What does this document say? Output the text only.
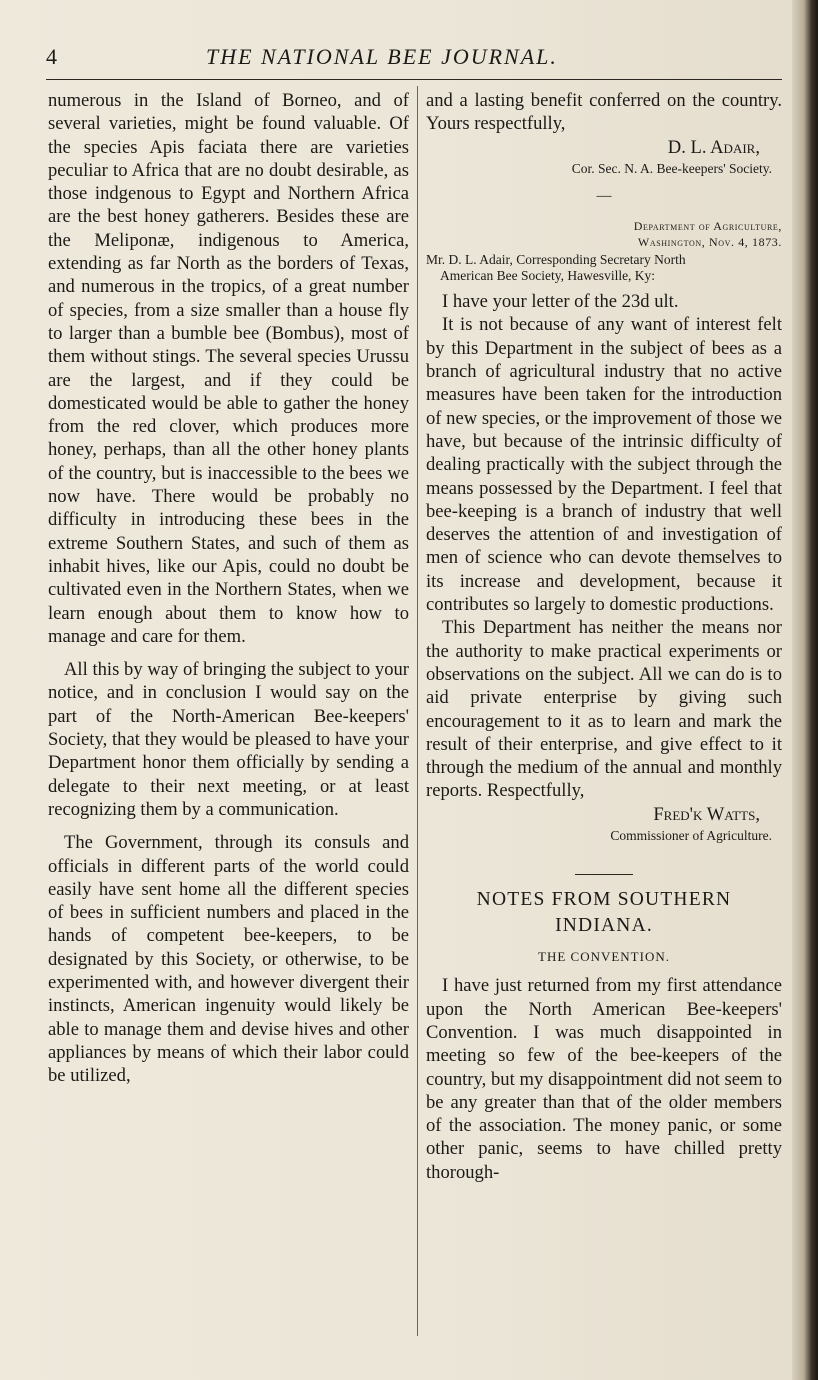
4	THE NATIONAL BEE JOURNAL.

numerous in the Island of Borneo, and of several varieties, might be found valuable. Of the species Apis faciata there are varieties peculiar to Africa that are no doubt desirable, as those indgenous to Egypt and Northern Africa are the best honey gatherers. Besides these are the Meliponæ, indigenous to America, extending as far North as the borders of Texas, and numerous in the tropics, of a great number of species, from a size smaller than a house fly to larger than a bumble bee (Bombus), most of them without stings. The several species Urussu are the largest, and if they could be domesticated would be able to gather the honey from the red clover, which produces more honey, perhaps, than all the other honey plants of the country, but is inaccessible to the bees we now have. There would be probably no difficulty in introducing these bees in the extreme Southern States, and such of them as inhabit hives, like our Apis, could no doubt be cultivated even in the Northern States, when we learn enough about them to know how to manage and care for them.

All this by way of bringing the subject to your notice, and in conclusion I would say on the part of the North-American Bee-keepers' Society, that they would be pleased to have your Department honor them officially by sending a delegate to their next meeting, or at least recognizing them by a communication.

The Government, through its consuls and officials in different parts of the world could easily have sent home all the different species of bees in sufficient numbers and placed in the hands of competent bee-keepers, to be designated by this Society, or otherwise, to be experimented with, and however divergent their instincts, American ingenuity would likely be able to manage them and devise hives and other appliances by means of which their labor could be utilized,

and a lasting benefit conferred on the country. Yours respectfully,

D. L. Adair,
Cor. Sec. N. A. Bee-keepers' Society.
—
Department of Agriculture,
Washington, Nov. 4, 1873.
Mr. D. L. Adair, Corresponding Secretary North
American Bee Society, Hawesville, Ky:

I have your letter of the 23d ult.

It is not because of any want of interest felt by this Department in the subject of bees as a branch of agricultural industry that no active measures have been taken for the introduction of new species, or the improvement of those we have, but because of the intrinsic difficulty of dealing practically with the subject through the means possessed by the Department. I feel that bee-keeping is a branch of industry that well deserves the attention of and investigation of men of science who can devote themselves to its increase and development, because it contributes so largely to domestic productions.

This Department has neither the means nor the authority to make practical experiments or observations on the subject. All we can do is to aid private enterprise by giving such encouragement to it as to learn and mark the result of their enterprise, and give effect to it through the medium of the annual and monthly reports. Respectfully,

Fred'k Watts,
Commissioner of Agriculture.
NOTES FROM SOUTHERN INDIANA.
THE CONVENTION.

I have just returned from my first attendance upon the North American Bee-keepers' Convention. I was much disappointed in meeting so few of the bee-keepers of the country, but my disappointment did not seem to be any greater than that of the older members of the association. The money panic, or some other panic, seems to have chilled pretty thorough-
